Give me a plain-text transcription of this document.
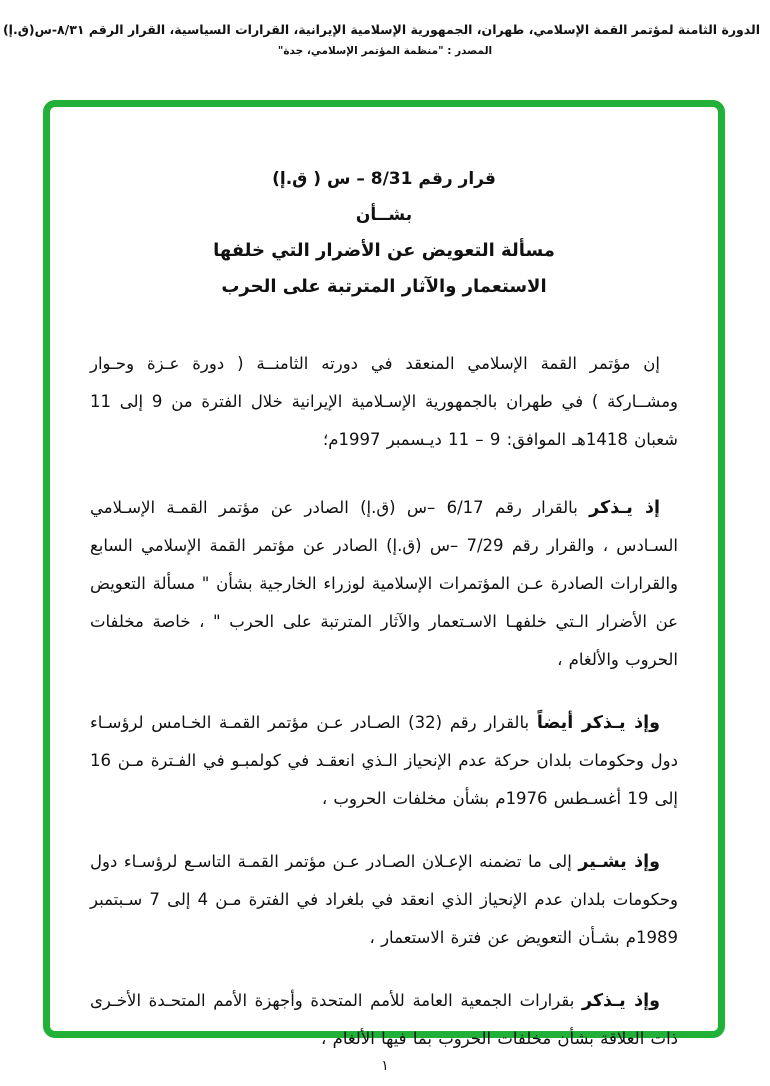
الدورة الثامنة لمؤتمر القمة الإسلامي، طهران، الجمهورية الإسلامية الإيرانية، القرارات السياسية، القرار الرقم ٨/٣١-س(ق.إ)
المصدر : "منظمة المؤتمر الإسلامي، جدة"
قرار رقم 8/31 – س ( ق.إ)
بشــأن
مسألة التعويض عن الأضرار التي خلفها
الاستعمار والآثار المترتبة على الحرب

إن مؤتمر القمة الإسلامي المنعقد في دورته الثامنــة ( دورة عـزة وحـوار ومشــاركة ) في طهران بالجمهورية الإسـلامية الإيرانية خلال الفترة من 9 إلى 11 شعبان 1418هـ الموافق: 9 – 11 ديـسمبر 1997م؛

إذ يـذكر بالقرار رقم 6/17 –س (ق.إ) الصادر عن مؤتمر القمـة الإسـلامي السـادس ، والقرار رقم 7/29 –س (ق.إ) الصادر عن مؤتمر القمة الإسلامي السابع والقرارات الصادرة عـن المؤتمرات الإسلامية لوزراء الخارجية بشأن " مسألة التعويض عن الأضرار الـتي خلفهـا الاسـتعمار والآثار المترتبة على الحرب " ، خاصة مخلفات الحروب والألغام ،

وإذ يـذكر أيضاً بالقرار رقم (32) الصـادر عـن مؤتمر القمـة الخـامس لرؤسـاء دول وحكومات بلدان حركة عدم الإنحياز الـذي انعقـد في كولمبـو في الفـترة مـن 16 إلى 19 أغسـطس 1976م بشأن مخلفات الحروب ،

وإذ يشـير إلى ما تضمنه الإعـلان الصـادر عـن مؤتمر القمـة التاسـع لرؤسـاء دول وحكومات بلدان عدم الإنحياز الذي انعقد في بلغراد في الفترة مـن 4 إلى 7 سـبتمبر 1989م بشـأن التعويض عن فترة الاستعمار ،

وإذ يـذكر بقرارات الجمعية العامة للأمم المتحدة وأجهزة الأمم المتحـدة الأخـرى ذات العلاقة بشأن مخلفات الحروب بما فيها الألغام ،

١
